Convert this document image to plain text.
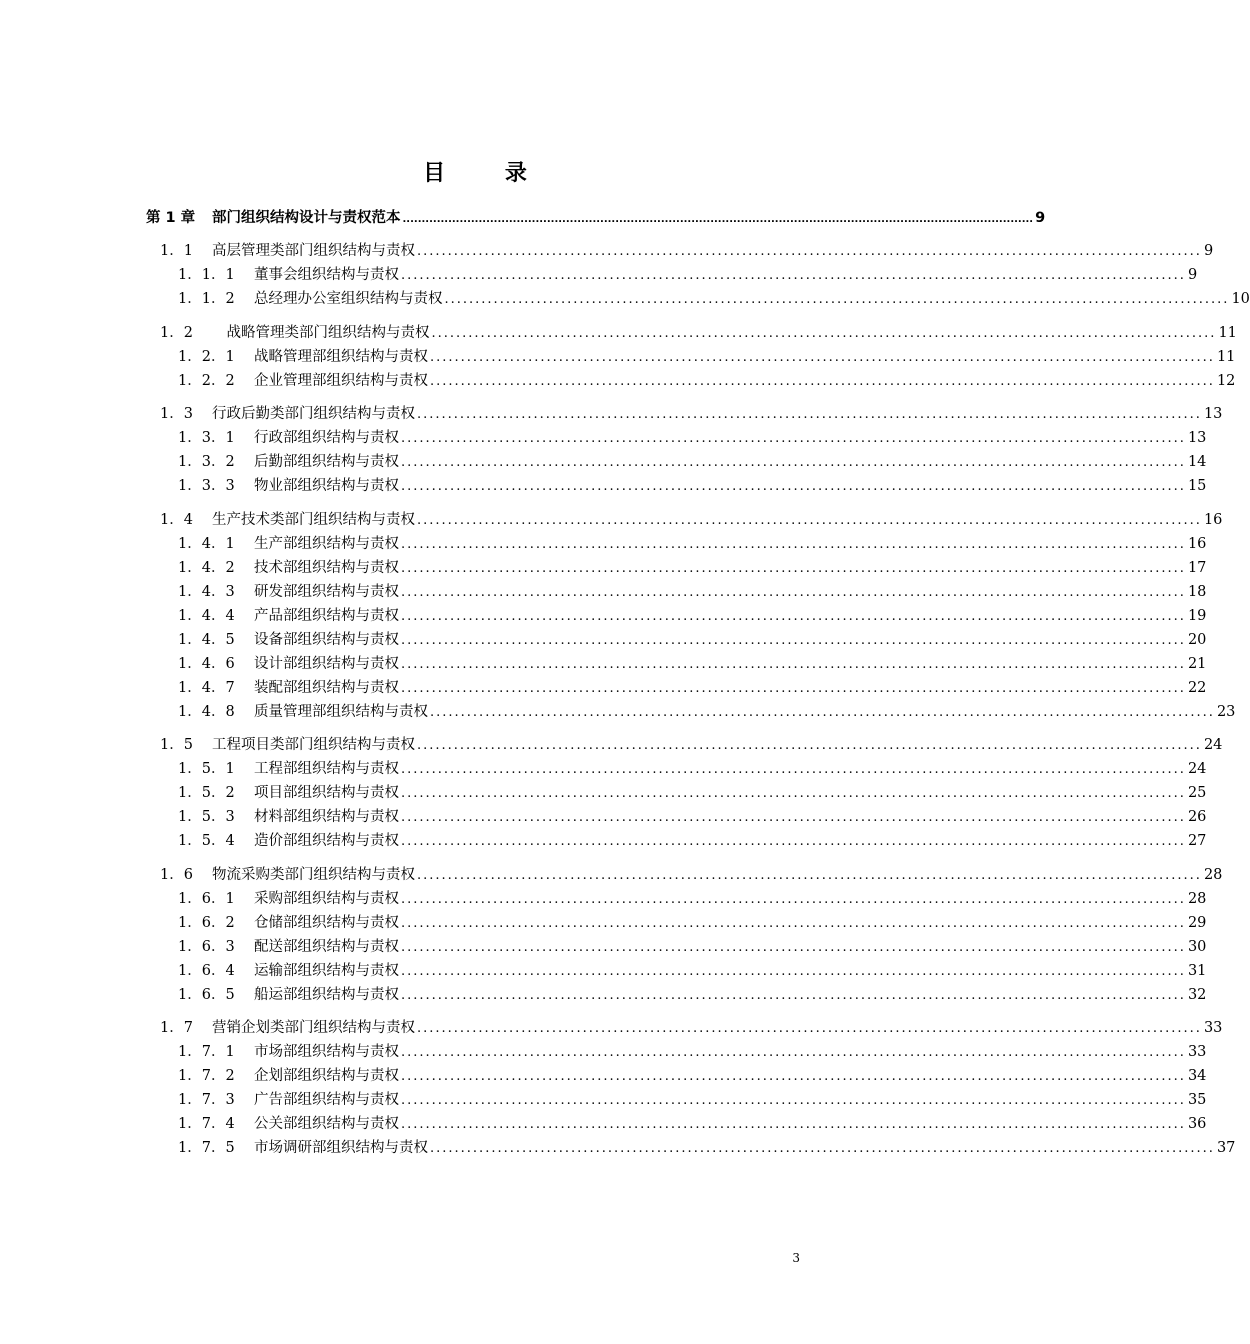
目 录
第 1 章	部门组织结构设计与责权范本 ...................................................................................................................................................................... 9
1．1	高层管理类部门组织结构与责权 ................................................................................................................................ 9
1．1．1	董事会组织结构与责权 ................................................................................................................................ 9
1．1．2	总经理办公室组织结构与责权 ................................................................................................................................ 10
1．2	　战略管理类部门组织结构与责权 ................................................................................................................................ 11
1．2．1	战略管理部组织结构与责权 ................................................................................................................................ 11
1．2．2	企业管理部组织结构与责权 ................................................................................................................................ 12
1．3	行政后勤类部门组织结构与责权 ................................................................................................................................ 13
1．3．1	行政部组织结构与责权 ................................................................................................................................ 13
1．3．2	后勤部组织结构与责权 ................................................................................................................................ 14
1．3．3	物业部组织结构与责权 ................................................................................................................................ 15
1．4	生产技术类部门组织结构与责权 ................................................................................................................................ 16
1．4．1	生产部组织结构与责权 ................................................................................................................................ 16
1．4．2	技术部组织结构与责权 ................................................................................................................................ 17
1．4．3	研发部组织结构与责权 ................................................................................................................................ 18
1．4．4	产品部组织结构与责权 ................................................................................................................................ 19
1．4．5	设备部组织结构与责权 ................................................................................................................................ 20
1．4．6	设计部组织结构与责权 ................................................................................................................................ 21
1．4．7	装配部组织结构与责权 ................................................................................................................................ 22
1．4．8	质量管理部组织结构与责权 ................................................................................................................................ 23
1．5	工程项目类部门组织结构与责权 ................................................................................................................................ 24
1．5．1	工程部组织结构与责权 ................................................................................................................................ 24
1．5．2	项目部组织结构与责权 ................................................................................................................................ 25
1．5．3	材料部组织结构与责权 ................................................................................................................................ 26
1．5．4	造价部组织结构与责权 ................................................................................................................................ 27
1．6	物流采购类部门组织结构与责权 ................................................................................................................................ 28
1．6．1	采购部组织结构与责权 ................................................................................................................................ 28
1．6．2	仓储部组织结构与责权 ................................................................................................................................ 29
1．6．3	配送部组织结构与责权 ................................................................................................................................ 30
1．6．4	运输部组织结构与责权 ................................................................................................................................ 31
1．6．5	船运部组织结构与责权 ................................................................................................................................ 32
1．7	营销企划类部门组织结构与责权 ................................................................................................................................ 33
1．7．1	市场部组织结构与责权 ................................................................................................................................ 33
1．7．2	企划部组织结构与责权 ................................................................................................................................ 34
1．7．3	广告部组织结构与责权 ................................................................................................................................ 35
1．7．4	公关部组织结构与责权 ................................................................................................................................ 36
1．7．5	市场调研部组织结构与责权 ................................................................................................................................ 37
3
